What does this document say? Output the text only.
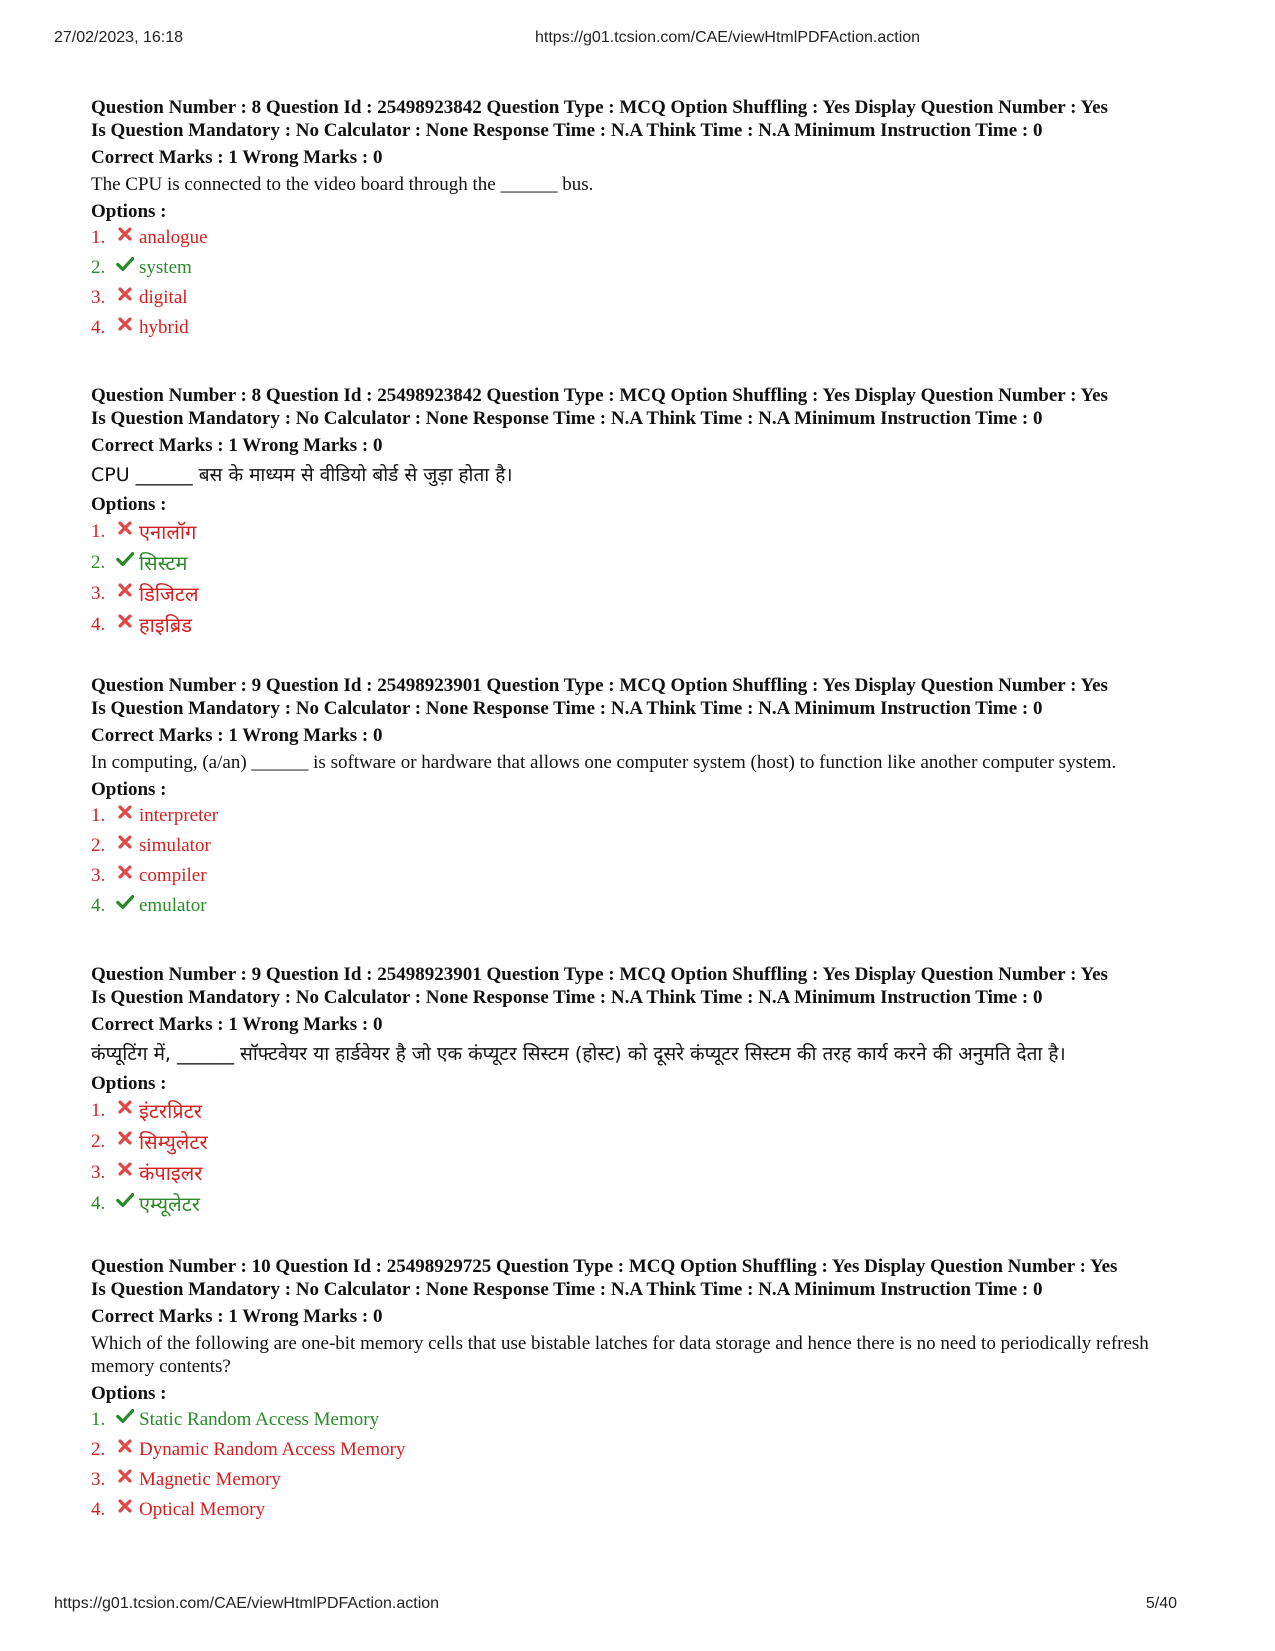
27/02/2023, 16:18	https://g01.tcsion.com/CAE/viewHtmlPDFAction.action
Question Number : 8 Question Id : 25498923842 Question Type : MCQ Option Shuffling : Yes Display Question Number : Yes
Is Question Mandatory : No Calculator : None Response Time : N.A Think Time : N.A Minimum Instruction Time : 0
Correct Marks : 1 Wrong Marks : 0
The CPU is connected to the video board through the ______ bus.
Options :
1.	analogue
2.	system
3.	digital
4.	hybrid
Question Number : 8 Question Id : 25498923842 Question Type : MCQ Option Shuffling : Yes Display Question Number : Yes
Is Question Mandatory : No Calculator : None Response Time : N.A Think Time : N.A Minimum Instruction Time : 0
Correct Marks : 1 Wrong Marks : 0
CPU ______ बस के माध्यम से वीडियो बोर्ड से जुड़ा होता है।
Options :
1.	एनालॉग
2.	सिस्टम
3.	डिजिटल
4.	हाइब्रिड
Question Number : 9 Question Id : 25498923901 Question Type : MCQ Option Shuffling : Yes Display Question Number : Yes
Is Question Mandatory : No Calculator : None Response Time : N.A Think Time : N.A Minimum Instruction Time : 0
Correct Marks : 1 Wrong Marks : 0
In computing, (a/an) ______ is software or hardware that allows one computer system (host) to function like another computer system.
Options :
1.	interpreter
2.	simulator
3.	compiler
4.	emulator
Question Number : 9 Question Id : 25498923901 Question Type : MCQ Option Shuffling : Yes Display Question Number : Yes
Is Question Mandatory : No Calculator : None Response Time : N.A Think Time : N.A Minimum Instruction Time : 0
Correct Marks : 1 Wrong Marks : 0
कंप्यूटिंग में, ______ सॉफ्टवेयर या हार्डवेयर है जो एक कंप्यूटर सिस्टम (होस्ट) को दूसरे कंप्यूटर सिस्टम की तरह कार्य करने की अनुमति देता है।
Options :
1.	इंटरप्रिटर
2.	सिम्युलेटर
3.	कंपाइलर
4.	एम्यूलेटर
Question Number : 10 Question Id : 25498929725 Question Type : MCQ Option Shuffling : Yes Display Question Number : Yes
Is Question Mandatory : No Calculator : None Response Time : N.A Think Time : N.A Minimum Instruction Time : 0
Correct Marks : 1 Wrong Marks : 0
Which of the following are one-bit memory cells that use bistable latches for data storage and hence there is no need to periodically refresh memory contents?
Options :
1.	Static Random Access Memory
2.	Dynamic Random Access Memory
3.	Magnetic Memory
4.	Optical Memory
https://g01.tcsion.com/CAE/viewHtmlPDFAction.action	5/40
